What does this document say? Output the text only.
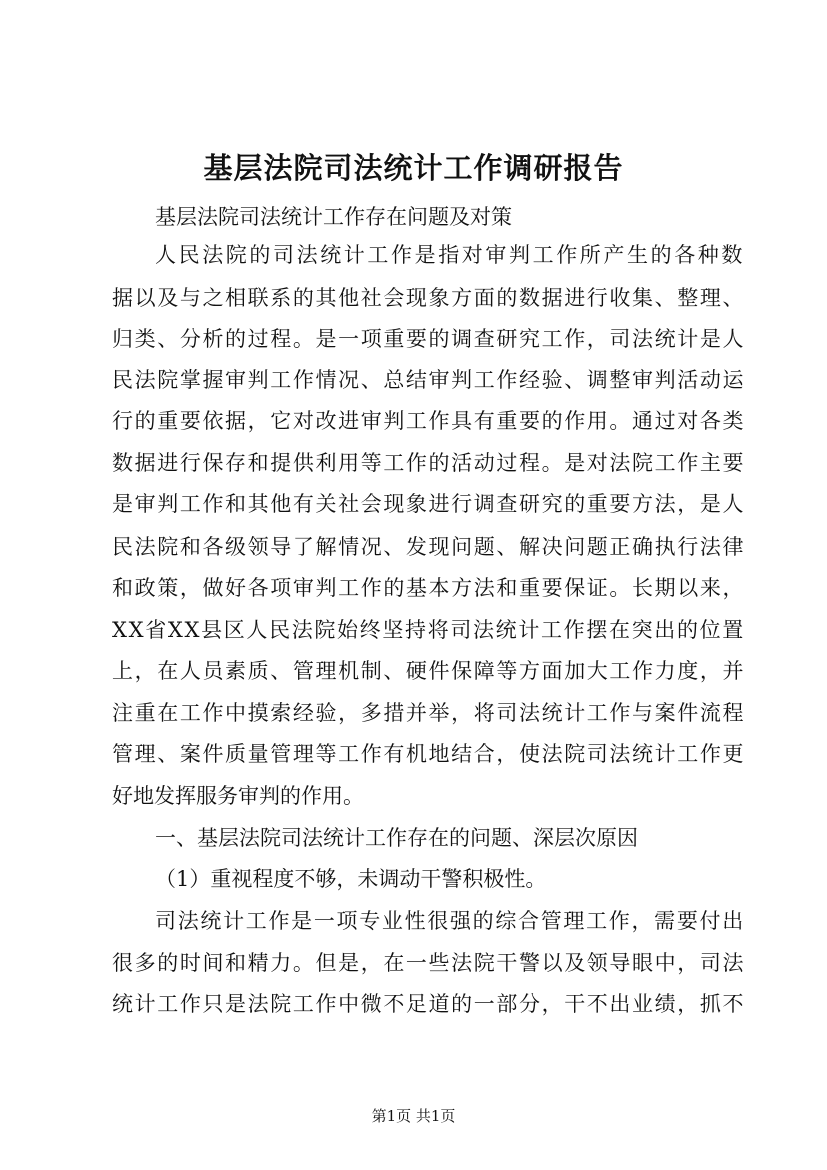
基层法院司法统计工作调研报告

基层法院司法统计工作存在问题及对策

人民法院的司法统计工作是指对审判工作所产生的各种数

据以及与之相联系的其他社会现象方面的数据进行收集、整理、

归类、分析的过程。是一项重要的调查研究工作，司法统计是人

民法院掌握审判工作情况、总结审判工作经验、调整审判活动运

行的重要依据，它对改进审判工作具有重要的作用。通过对各类

数据进行保存和提供利用等工作的活动过程。是对法院工作主要

是审判工作和其他有关社会现象进行调查研究的重要方法，是人

民法院和各级领导了解情况、发现问题、解决问题正确执行法律

和政策，做好各项审判工作的基本方法和重要保证。长期以来，

XX省XX县区人民法院始终坚持将司法统计工作摆在突出的位置

上，在人员素质、管理机制、硬件保障等方面加大工作力度，并

注重在工作中摸索经验，多措并举，将司法统计工作与案件流程

管理、案件质量管理等工作有机地结合，使法院司法统计工作更

好地发挥服务审判的作用。

一、基层法院司法统计工作存在的问题、深层次原因

（1）重视程度不够，未调动干警积极性。

司法统计工作是一项专业性很强的综合管理工作，需要付出

很多的时间和精力。但是，在一些法院干警以及领导眼中，司法

统计工作只是法院工作中微不足道的一部分，干不出业绩，抓不

第1页 共1页
